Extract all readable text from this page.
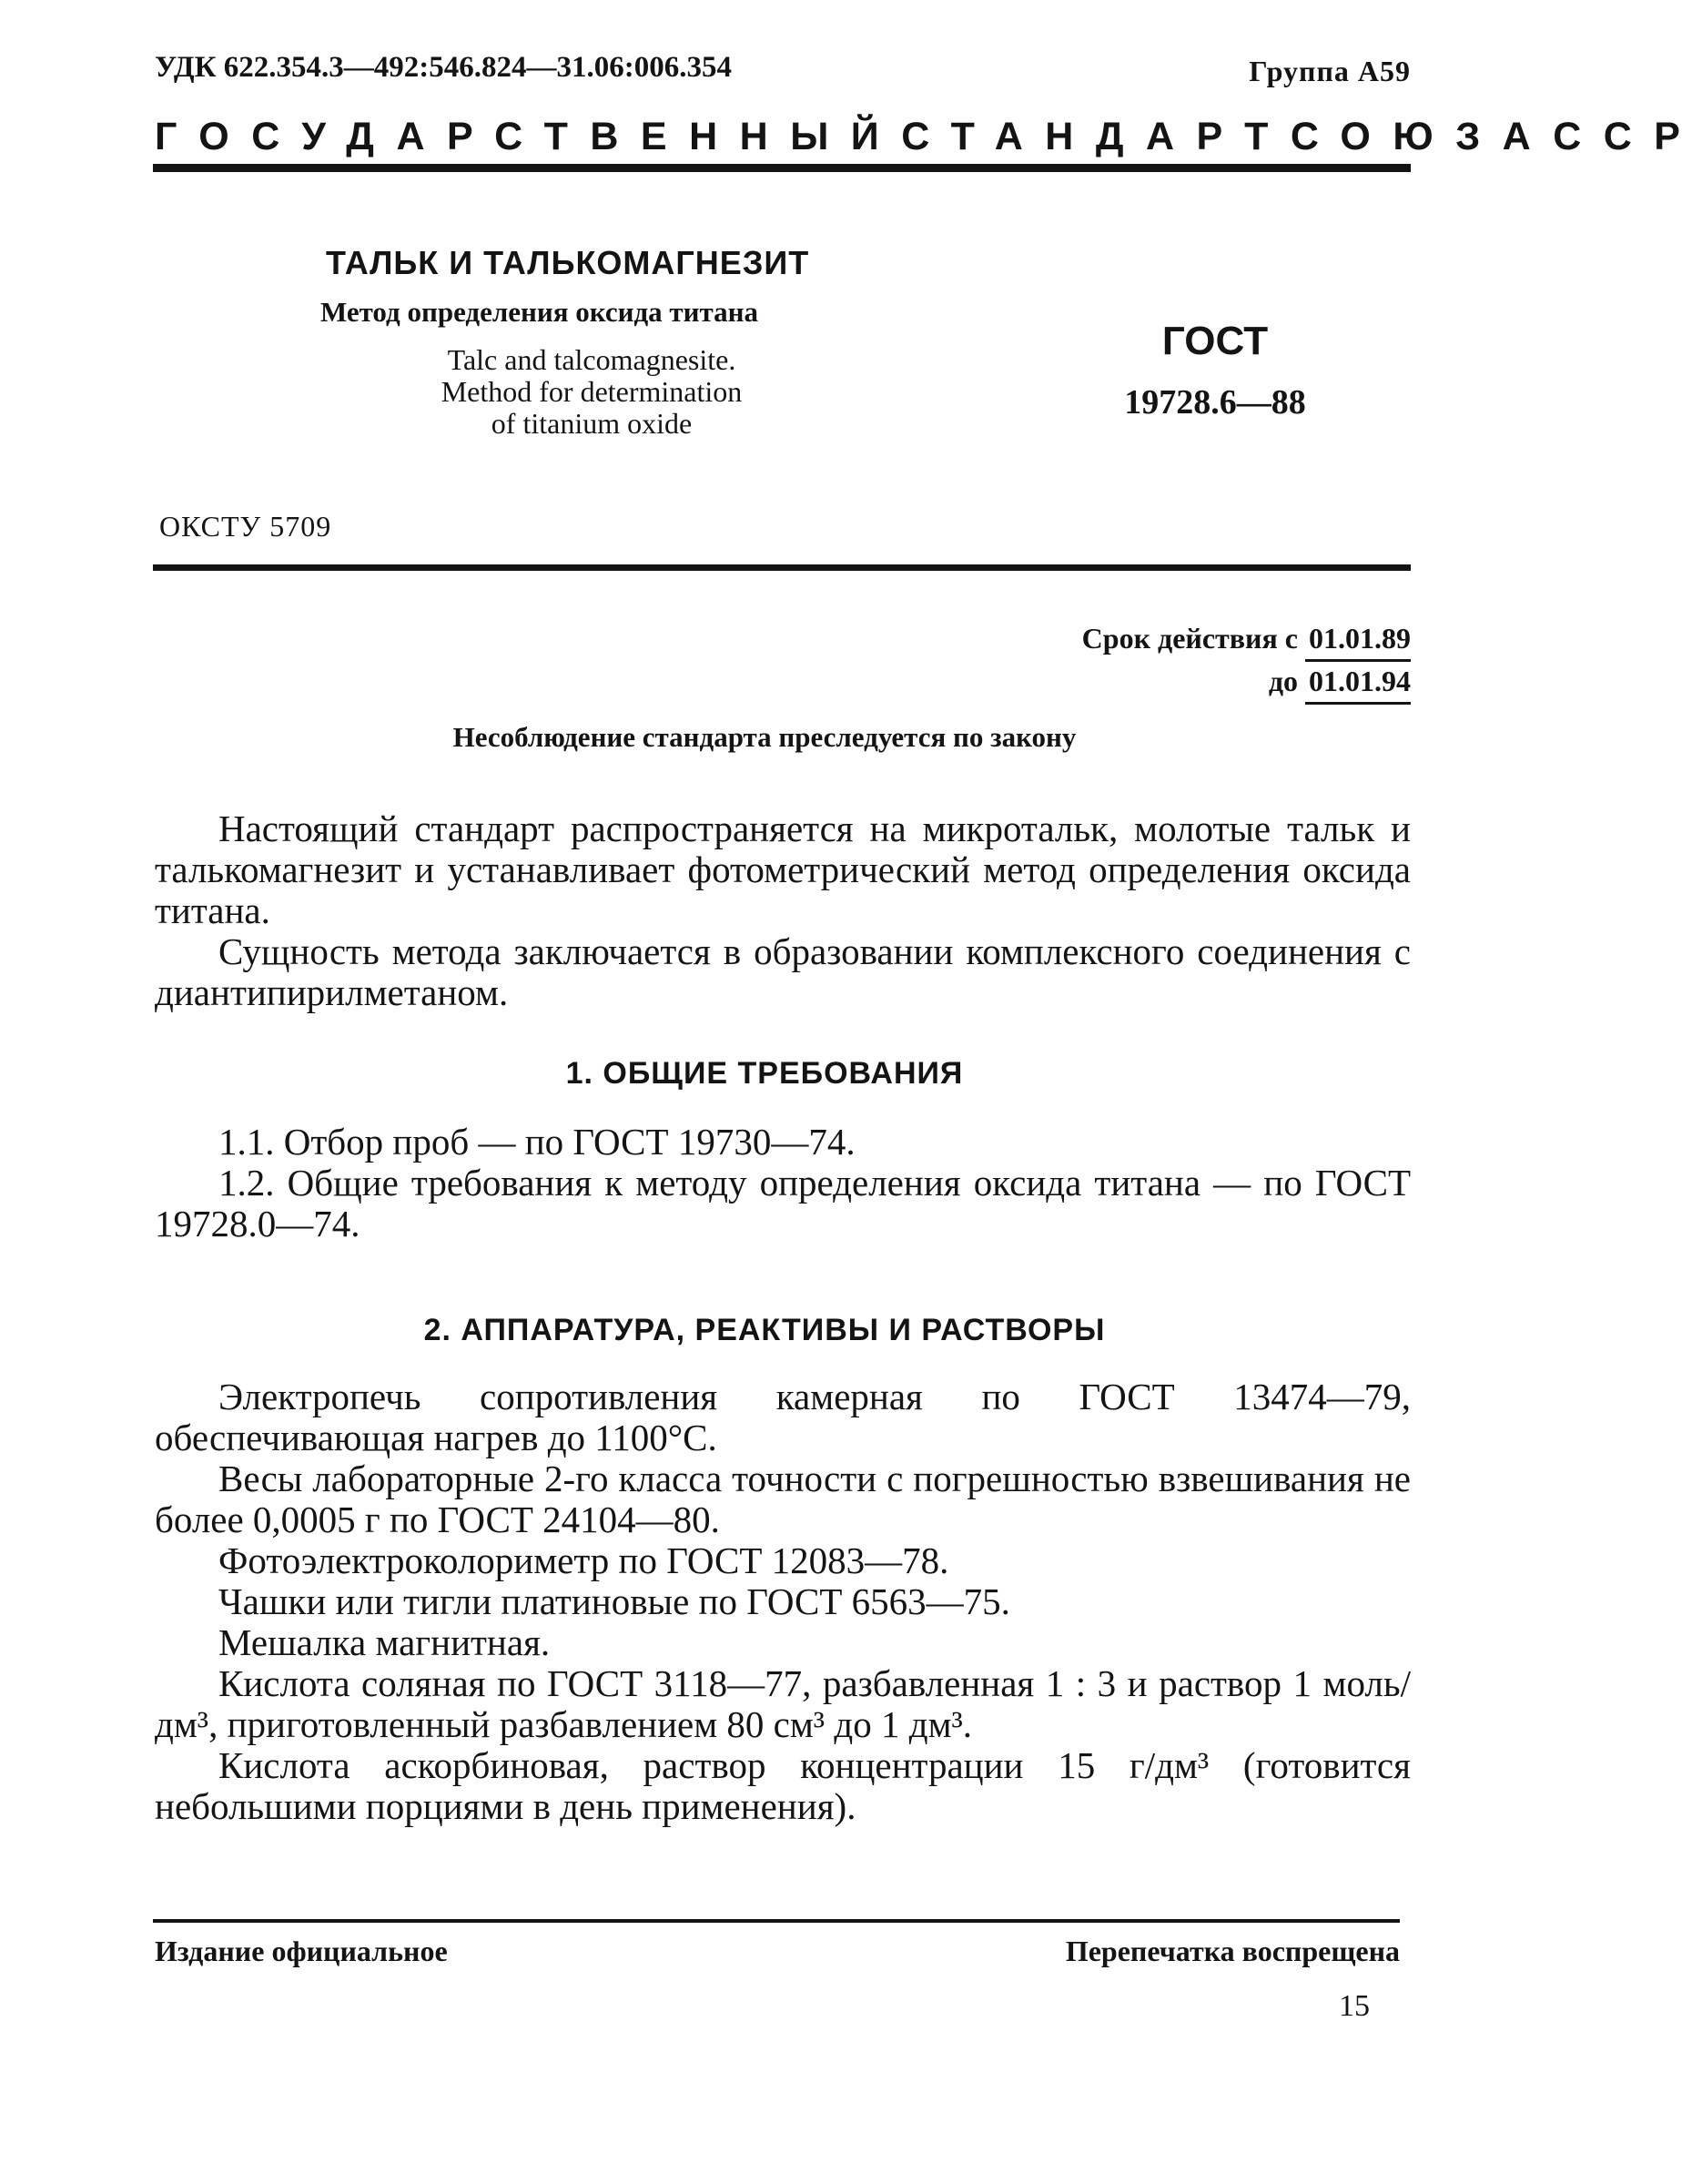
УДК 622.354.3—492:546.824—31.06:006.354	Группа А59
ГОСУДАРСТВЕННЫЙ СТАНДАРТ СОЮЗА ССР
ТАЛЬК И ТАЛЬКОМАГНЕЗИТ
Метод определения оксида титана
Talc and talcomagnesite.
Method for determination
of titanium oxide
ГОСТ
19728.6—88
ОКСТУ 5709
Срок действия с 01.01.89
до 01.01.94
Несоблюдение стандарта преследуется по закону

Настоящий стандарт распространяется на микротальк, молотые тальк и талькомагнезит и устанавливает фотометрический метод определения оксида титана.

Сущность метода заключается в образовании комплексного соединения с диантипирилметаном.

1. ОБЩИЕ ТРЕБОВАНИЯ

1.1. Отбор проб — по ГОСТ 19730—74.

1.2. Общие требования к методу определения оксида титана — по ГОСТ 19728.0—74.

2. АППАРАТУРА, РЕАКТИВЫ И РАСТВОРЫ

Электропечь сопротивления камерная по ГОСТ 13474—79, обеспечивающая нагрев до 1100°С.

Весы лабораторные 2-го класса точности с погрешностью взвешивания не более 0,0005 г по ГОСТ 24104—80.

Фотоэлектроколориметр по ГОСТ 12083—78.

Чашки или тигли платиновые по ГОСТ 6563—75.

Мешалка магнитная.

Кислота соляная по ГОСТ 3118—77, разбавленная 1 : 3 и раствор 1 моль/дм³, приготовленный разбавлением 80 см³ до 1 дм³.

Кислота аскорбиновая, раствор концентрации 15 г/дм³ (готовится небольшими порциями в день применения).

Издание официальное	Перепечатка воспрещена
15
